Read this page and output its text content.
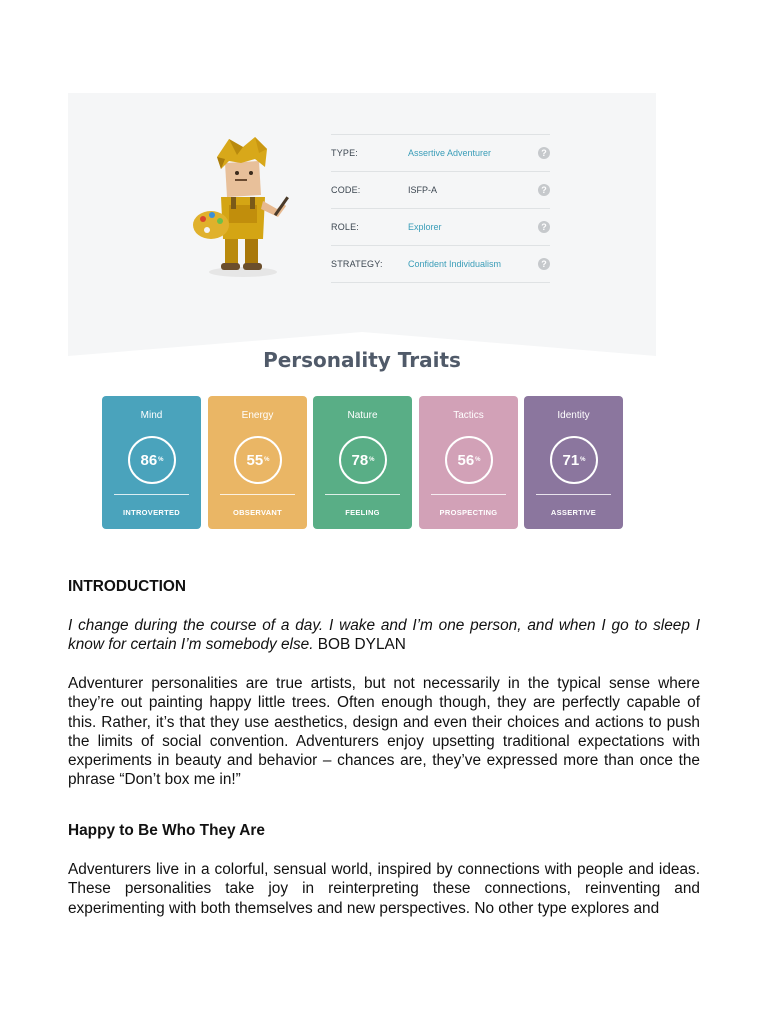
TYPE:	Assertive Adventurer	?
CODE:	ISFP-A	?
ROLE:	Explorer	?
STRATEGY:	Confident Individualism	?
Personality Traits
Mind
86 %
INTROVERTED
Energy
55 %
OBSERVANT
Nature
78 %
FEELING
Tactics
56 %
PROSPECTING
Identity
71 %
ASSERTIVE
INTRODUCTION
I change during the course of a day. I wake and I’m one person, and when I go to sleep I know for certain I’m somebody else. BOB DYLAN
Adventurer personalities are true artists, but not necessarily in the typical sense where they’re out painting happy little trees. Often enough though, they are perfectly capable of this. Rather, it’s that they use aesthetics, design and even their choices and actions to push the limits of social convention. Adventurers enjoy upsetting traditional expectations with experiments in beauty and behavior – chances are, they’ve expressed more than once the phrase “Don’t box me in!”
Happy to Be Who They Are
Adventurers live in a colorful, sensual world, inspired by connections with people and ideas. These personalities take joy in reinterpreting these connections, reinventing and experimenting with both themselves and new perspectives. No other type explores and
